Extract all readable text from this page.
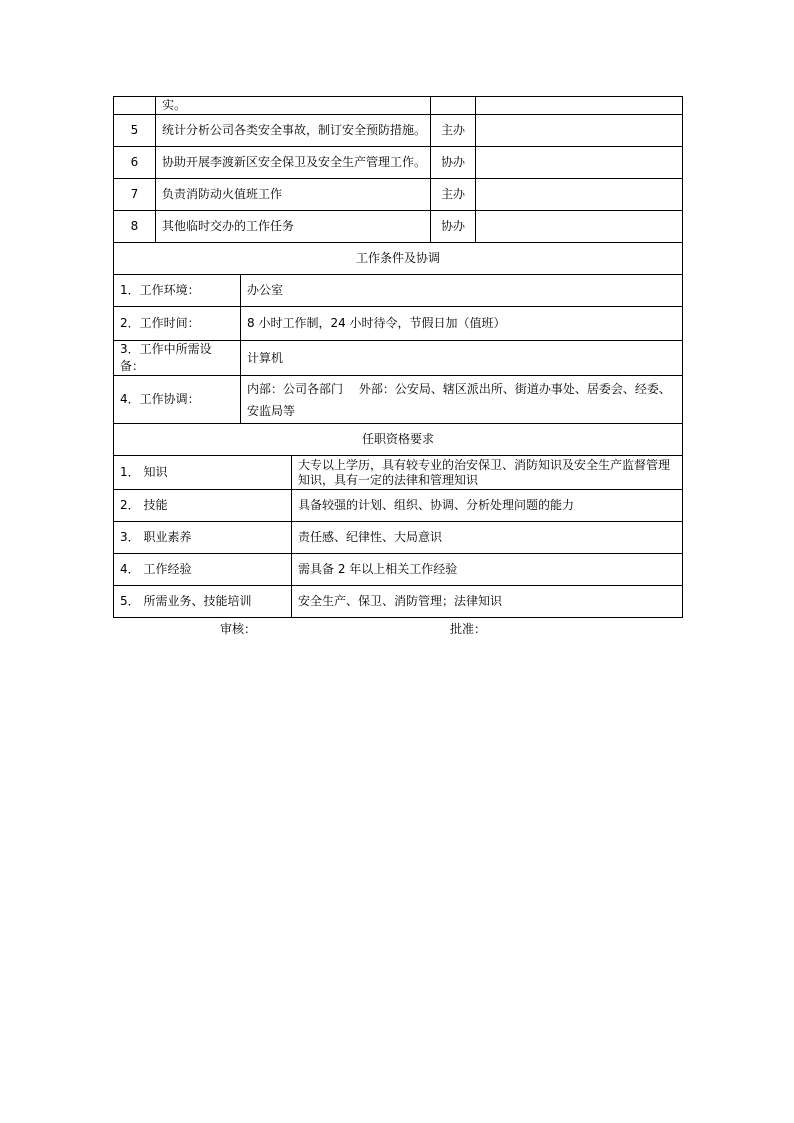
	实。		
5	统计分析公司各类安全事故，制订安全预防措施。	主办	
6	协助开展李渡新区安全保卫及安全生产管理工作。	协办	
7	负责消防动火值班工作	主办	
8	其他临时交办的工作任务	协办	
工作条件及协调	
1．工作环境：	办公室
2．工作时间：	8 小时工作制，24 小时待令，节假日加（值班）
3．工作中所需设备：	计算机
4．工作协调：	内部：公司各部门　 外部：公安局、辖区派出所、街道办事处、居委会、经委、安监局等
任职资格要求	
1． 知识	大专以上学历，具有较专业的治安保卫、消防知识及安全生产监督管理知识，具有一定的法律和管理知识
2． 技能	具备较强的计划、组织、协调、分析处理问题的能力
3． 职业素养	责任感、纪律性、大局意识
4． 工作经验	需具备 2 年以上相关工作经验
5． 所需业务、技能培训	安全生产、保卫、消防管理；法律知识
审核：	批准：
